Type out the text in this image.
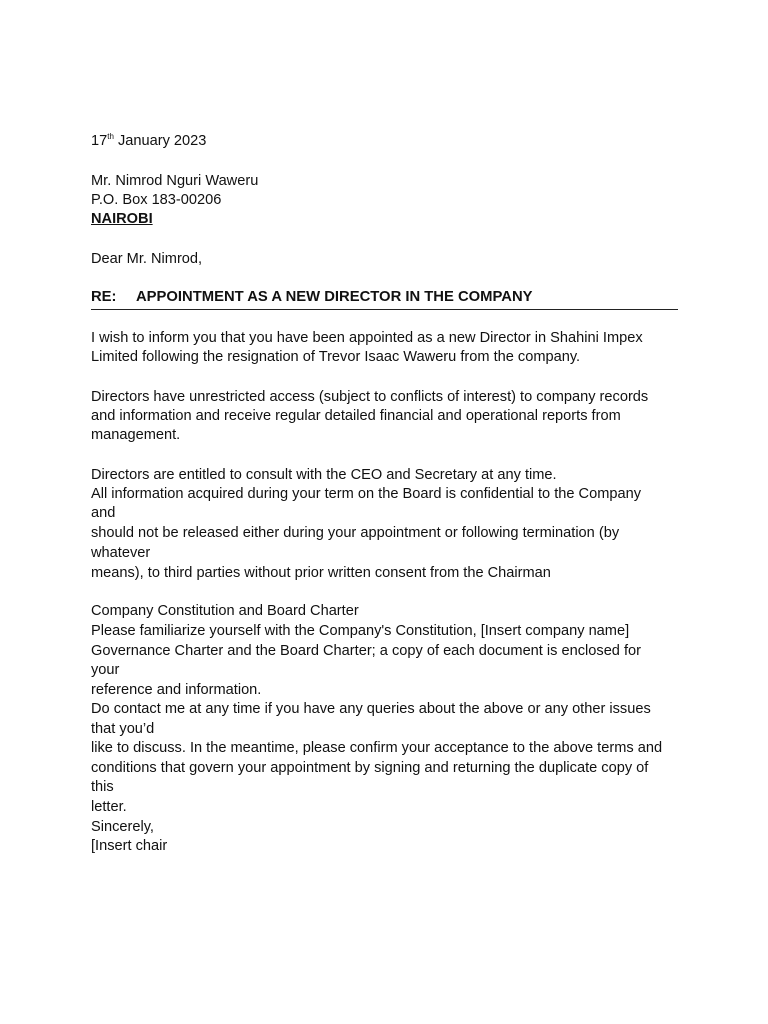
17th January 2023
Mr. Nimrod Nguri Waweru
P.O. Box 183-00206
NAIROBI
Dear Mr. Nimrod,
RE: APPOINTMENT AS A NEW DIRECTOR IN THE COMPANY
I wish to inform you that you have been appointed as a new Director in Shahini Impex
Limited following the resignation of Trevor Isaac Waweru from the company.
Directors have unrestricted access (subject to conflicts of interest) to company records
and information and receive regular detailed financial and operational reports from
management.
Directors are entitled to consult with the CEO and Secretary at any time.
All information acquired during your term on the Board is confidential to the Company
and
should not be released either during your appointment or following termination (by
whatever
means), to third parties without prior written consent from the Chairman
Company Constitution and Board Charter
Please familiarize yourself with the Company's Constitution, [Insert company name]
Governance Charter and the Board Charter; a copy of each document is enclosed for
your
reference and information.
Do contact me at any time if you have any queries about the above or any other issues
that you’d
like to discuss. In the meantime, please confirm your acceptance to the above terms and
conditions that govern your appointment by signing and returning the duplicate copy of
this
letter.
Sincerely,
[Insert chair
